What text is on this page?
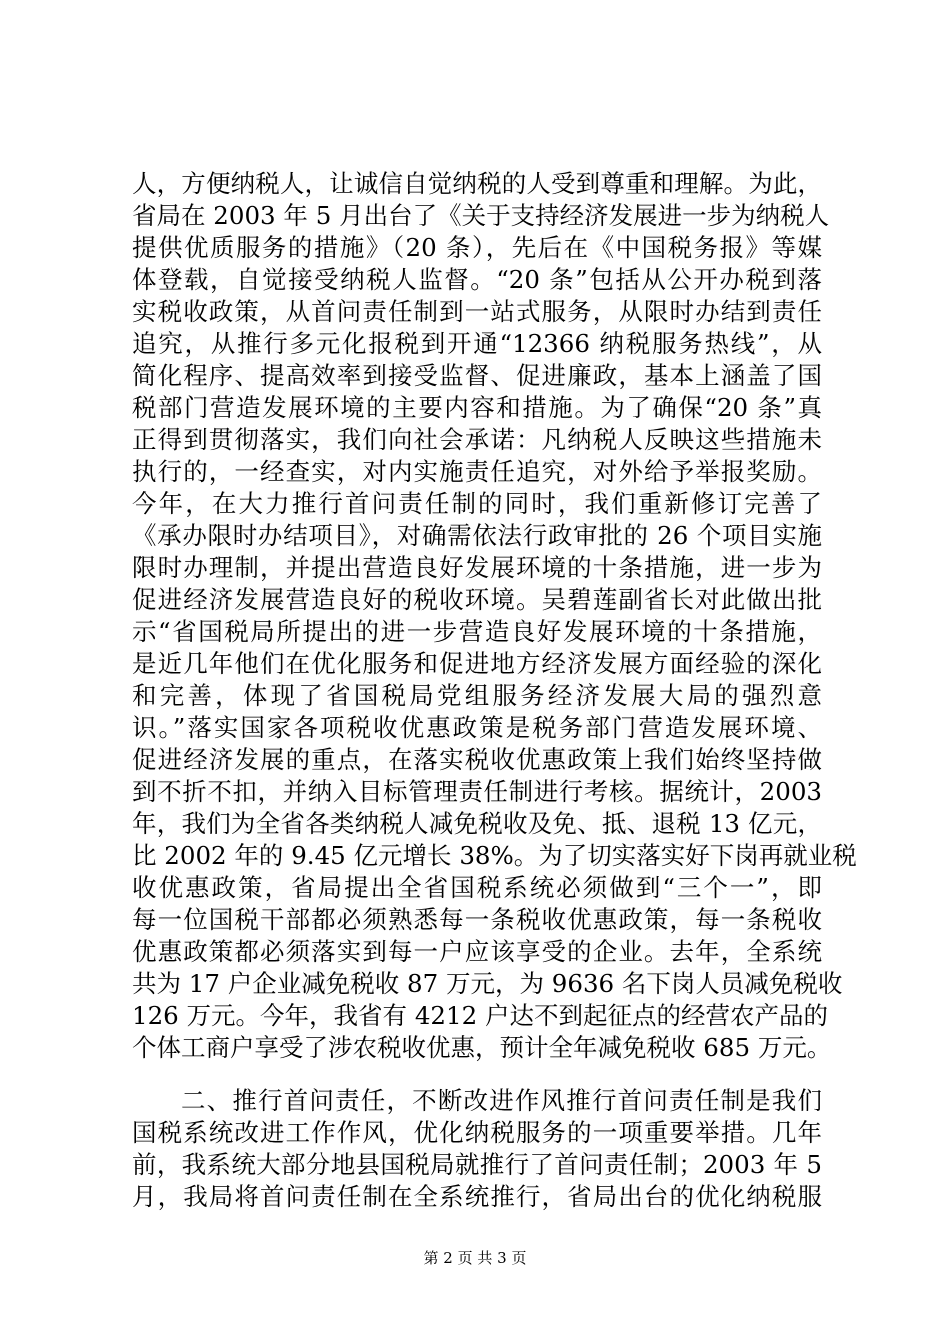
人，方便纳税人，让诚信自觉纳税的人受到尊重和理解。为此，
省局在 2003 年 5 月出台了《关于支持经济发展进一步为纳税人
提供优质服务的措施》（20 条），先后在《中国税务报》等媒
体登载，自觉接受纳税人监督。“20 条”包括从公开办税到落
实税收政策，从首问责任制到一站式服务，从限时办结到责任
追究，从推行多元化报税到开通“12366 纳税服务热线”，从
简化程序、提高效率到接受监督、促进廉政，基本上涵盖了国
税部门营造发展环境的主要内容和措施。为了确保“20 条”真
正得到贯彻落实，我们向社会承诺：凡纳税人反映这些措施未
执行的，一经查实，对内实施责任追究，对外给予举报奖励。
今年，在大力推行首问责任制的同时，我们重新修订完善了
《承办限时办结项目》，对确需依法行政审批的 26 个项目实施
限时办理制，并提出营造良好发展环境的十条措施，进一步为
促进经济发展营造良好的税收环境。吴碧莲副省长对此做出批
示“省国税局所提出的进一步营造良好发展环境的十条措施，
是近几年他们在优化服务和促进地方经济发展方面经验的深化
和完善，体现了省国税局党组服务经济发展大局的强烈意
识。”落实国家各项税收优惠政策是税务部门营造发展环境、
促进经济发展的重点，在落实税收优惠政策上我们始终坚持做
到不折不扣，并纳入目标管理责任制进行考核。据统计，2003
年，我们为全省各类纳税人减免税收及免、抵、退税 13 亿元，
比 2002 年的 9.45 亿元增长 38%。为了切实落实好下岗再就业税
收优惠政策，省局提出全省国税系统必须做到“三个一”，即
每一位国税干部都必须熟悉每一条税收优惠政策，每一条税收
优惠政策都必须落实到每一户应该享受的企业。去年，全系统
共为 17 户企业减免税收 87 万元，为 9636 名下岗人员减免税收
126 万元。今年，我省有 4212 户达不到起征点的经营农产品的
个体工商户享受了涉农税收优惠，预计全年减免税收 685 万元。
二、推行首问责任，不断改进作风推行首问责任制是我们
国税系统改进工作作风，优化纳税服务的一项重要举措。几年
前，我系统大部分地县国税局就推行了首问责任制；2003 年 5
月，我局将首问责任制在全系统推行，省局出台的优化纳税服
第 2 页 共 3 页
